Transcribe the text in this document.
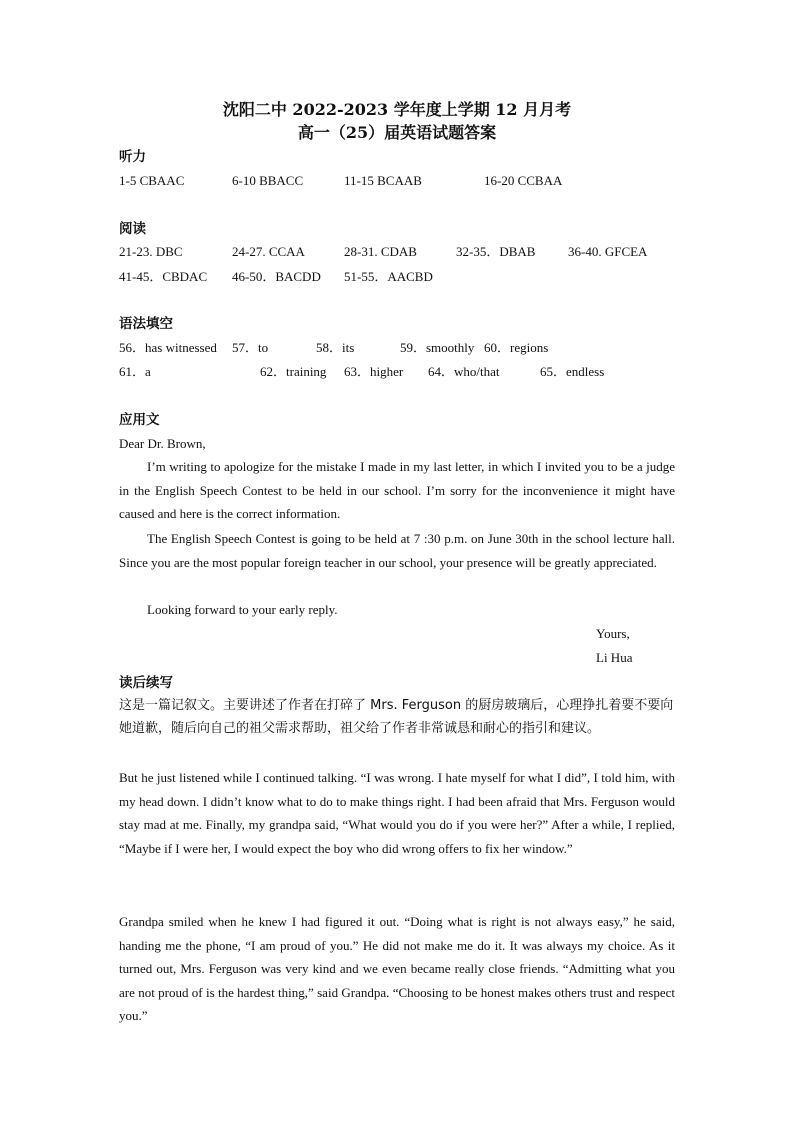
沈阳二中 2022-2023 学年度上学期 12 月月考
高一（25）届英语试题答案
听力
1-5 CBAAC	6-10 BBACC	11-15 BCAAB	16-20 CCBAA
阅读
21-23. DBC	24-27. CCAA	28-31. CDAB	32-35．DBAB	36-40. GFCEA
41-45．CBDAC 46-50．BACDD 51-55．AACBD
语法填空
56．has witnessed 57．to	58．its	59．smoothly 60．regions
61．a	62．training 63．higher 64．who/that	65．endless
应用文
Dear Dr. Brown,

I’m writing to apologize for the mistake I made in my last letter, in which I invited you to be a judge in the English Speech Contest to be held in our school. I’m sorry for the inconvenience it might have caused and here is the correct information.

The English Speech Contest is going to be held at 7 :30 p.m. on June 30th in the school lecture hall. Since you are the most popular foreign teacher in our school, your presence will be greatly appreciated.

Looking forward to your early reply.

Yours,
Li Hua
读后续写

这是一篇记叙文。主要讲述了作者在打碎了 Mrs. Ferguson 的厨房玻璃后，心理挣扎着要不要向她道歉，随后向自己的祖父需求帮助，祖父给了作者非常诚恳和耐心的指引和建议。

But he just listened while I continued talking. “I was wrong. I hate myself for what I did”, I told him, with my head down. I didn’t know what to do to make things right. I had been afraid that Mrs. Ferguson would stay mad at me. Finally, my grandpa said, “What would you do if you were her?” After a while, I replied, “Maybe if I were her, I would expect the boy who did wrong offers to fix her window.”

Grandpa smiled when he knew I had figured it out. “Doing what is right is not always easy,” he said, handing me the phone, “I am proud of you.” He did not make me do it. It was always my choice. As it turned out, Mrs. Ferguson was very kind and we even became really close friends. “Admitting what you are not proud of is the hardest thing,” said Grandpa. “Choosing to be honest makes others trust and respect you.”
